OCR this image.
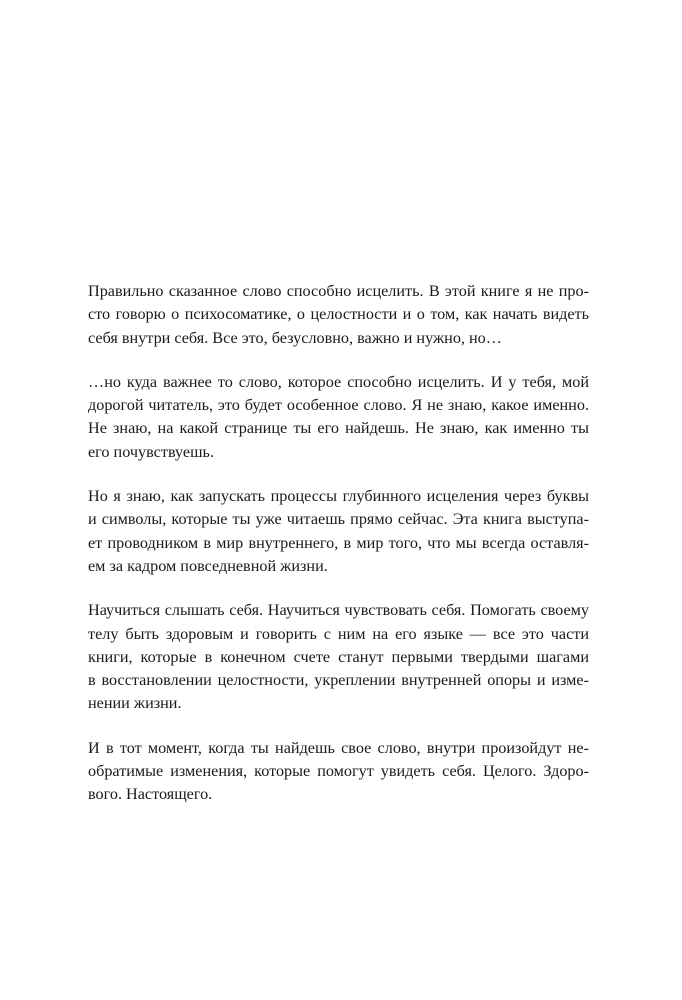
Правильно сказанное слово способно исцелить. В этой книге я не про-
сто говорю о психосоматике, о целостности и о том, как начать видеть
себя внутри себя. Все это, безусловно, важно и нужно, но…

…но куда важнее то слово, которое способно исцелить. И у тебя, мой
дорогой читатель, это будет особенное слово. Я не знаю, какое именно.
Не знаю, на какой странице ты его найдешь. Не знаю, как именно ты
его почувствуешь.

Но я знаю, как запускать процессы глубинного исцеления через буквы
и символы, которые ты уже читаешь прямо сейчас. Эта книга выступа-
ет проводником в мир внутреннего, в мир того, что мы всегда оставля-
ем за кадром повседневной жизни.

Научиться слышать себя. Научиться чувствовать себя. Помогать своему
телу быть здоровым и говорить с ним на его языке — все это части
книги, которые в конечном счете станут первыми твердыми шагами
в восстановлении целостности, укреплении внутренней опоры и изме-
нении жизни.

И в тот момент, когда ты найдешь свое слово, внутри произойдут не-
обратимые изменения, которые помогут увидеть себя. Целого. Здоро-
вого. Настоящего.
